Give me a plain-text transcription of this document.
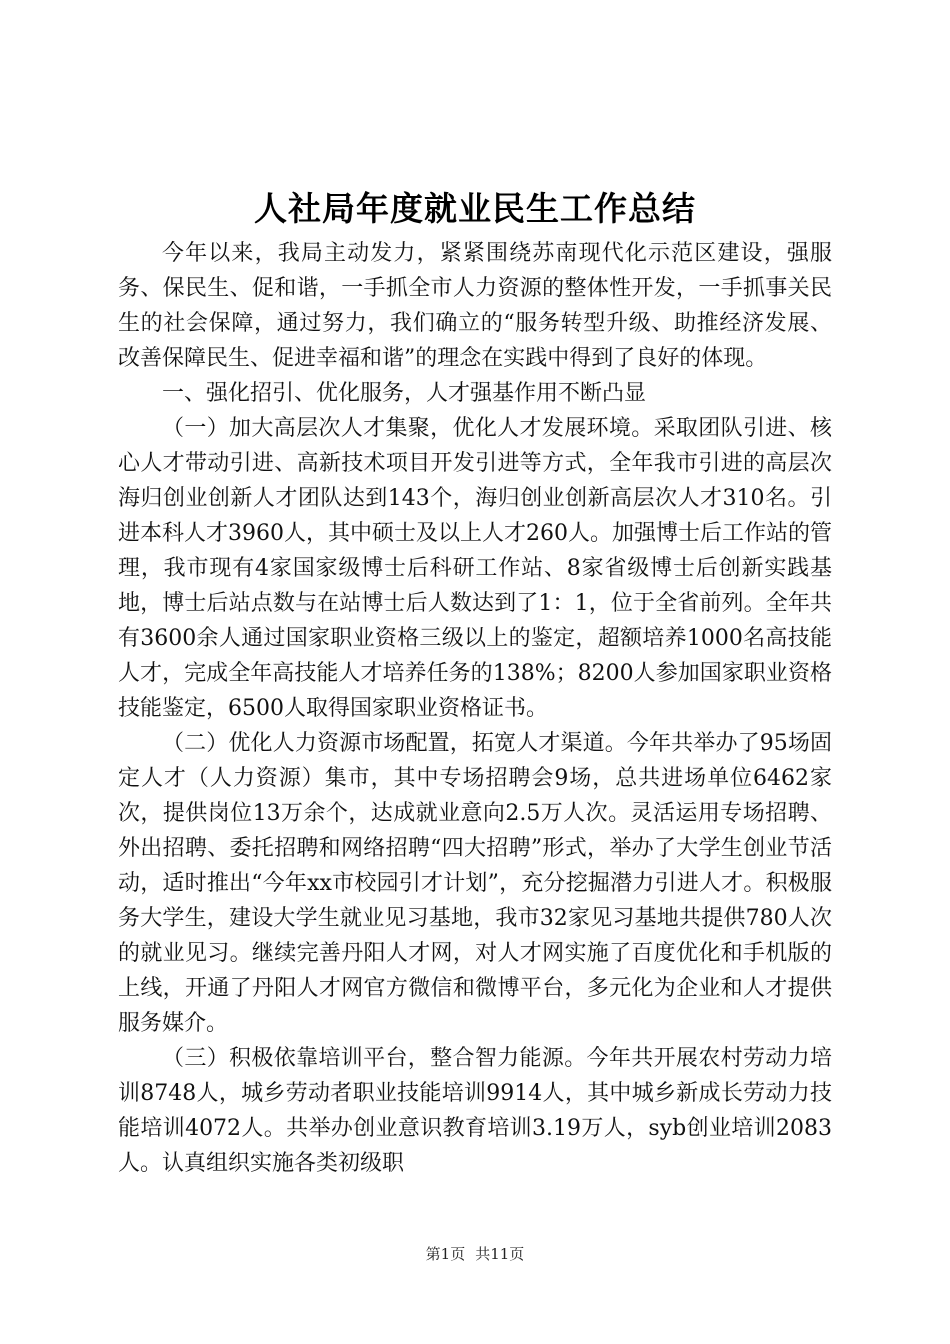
人社局年度就业民生工作总结

今年以来，我局主动发力，紧紧围绕苏南现代化示范区建设，强服务、保民生、促和谐，一手抓全市人力资源的整体性开发，一手抓事关民生的社会保障，通过努力，我们确立的“服务转型升级、助推经济发展、改善保障民生、促进幸福和谐”的理念在实践中得到了良好的体现。

一、强化招引、优化服务，人才强基作用不断凸显

（一）加大高层次人才集聚，优化人才发展环境。采取团队引进、核心人才带动引进、高新技术项目开发引进等方式，全年我市引进的高层次海归创业创新人才团队达到143个，海归创业创新高层次人才310名。引进本科人才3960人，其中硕士及以上人才260人。加强博士后工作站的管理，我市现有4家国家级博士后科研工作站、8家省级博士后创新实践基地，博士后站点数与在站博士后人数达到了1：1，位于全省前列。全年共有3600余人通过国家职业资格三级以上的鉴定，超额培养1000名高技能人才，完成全年高技能人才培养任务的138%；8200人参加国家职业资格技能鉴定，6500人取得国家职业资格证书。

（二）优化人力资源市场配置，拓宽人才渠道。今年共举办了95场固定人才（人力资源）集市，其中专场招聘会9场，总共进场单位6462家次，提供岗位13万余个，达成就业意向2.5万人次。灵活运用专场招聘、外出招聘、委托招聘和网络招聘“四大招聘”形式，举办了大学生创业节活动，适时推出“今年xx市校园引才计划”，充分挖掘潜力引进人才。积极服务大学生，建设大学生就业见习基地，我市32家见习基地共提供780人次的就业见习。继续完善丹阳人才网，对人才网实施了百度优化和手机版的上线，开通了丹阳人才网官方微信和微博平台，多元化为企业和人才提供服务媒介。

（三）积极依靠培训平台，整合智力能源。今年共开展农村劳动力培训8748人，城乡劳动者职业技能培训9914人，其中城乡新成长劳动力技能培训4072人。共举办创业意识教育培训3.19万人，syb创业培训2083人。认真组织实施各类初级职

第1页 共11页
